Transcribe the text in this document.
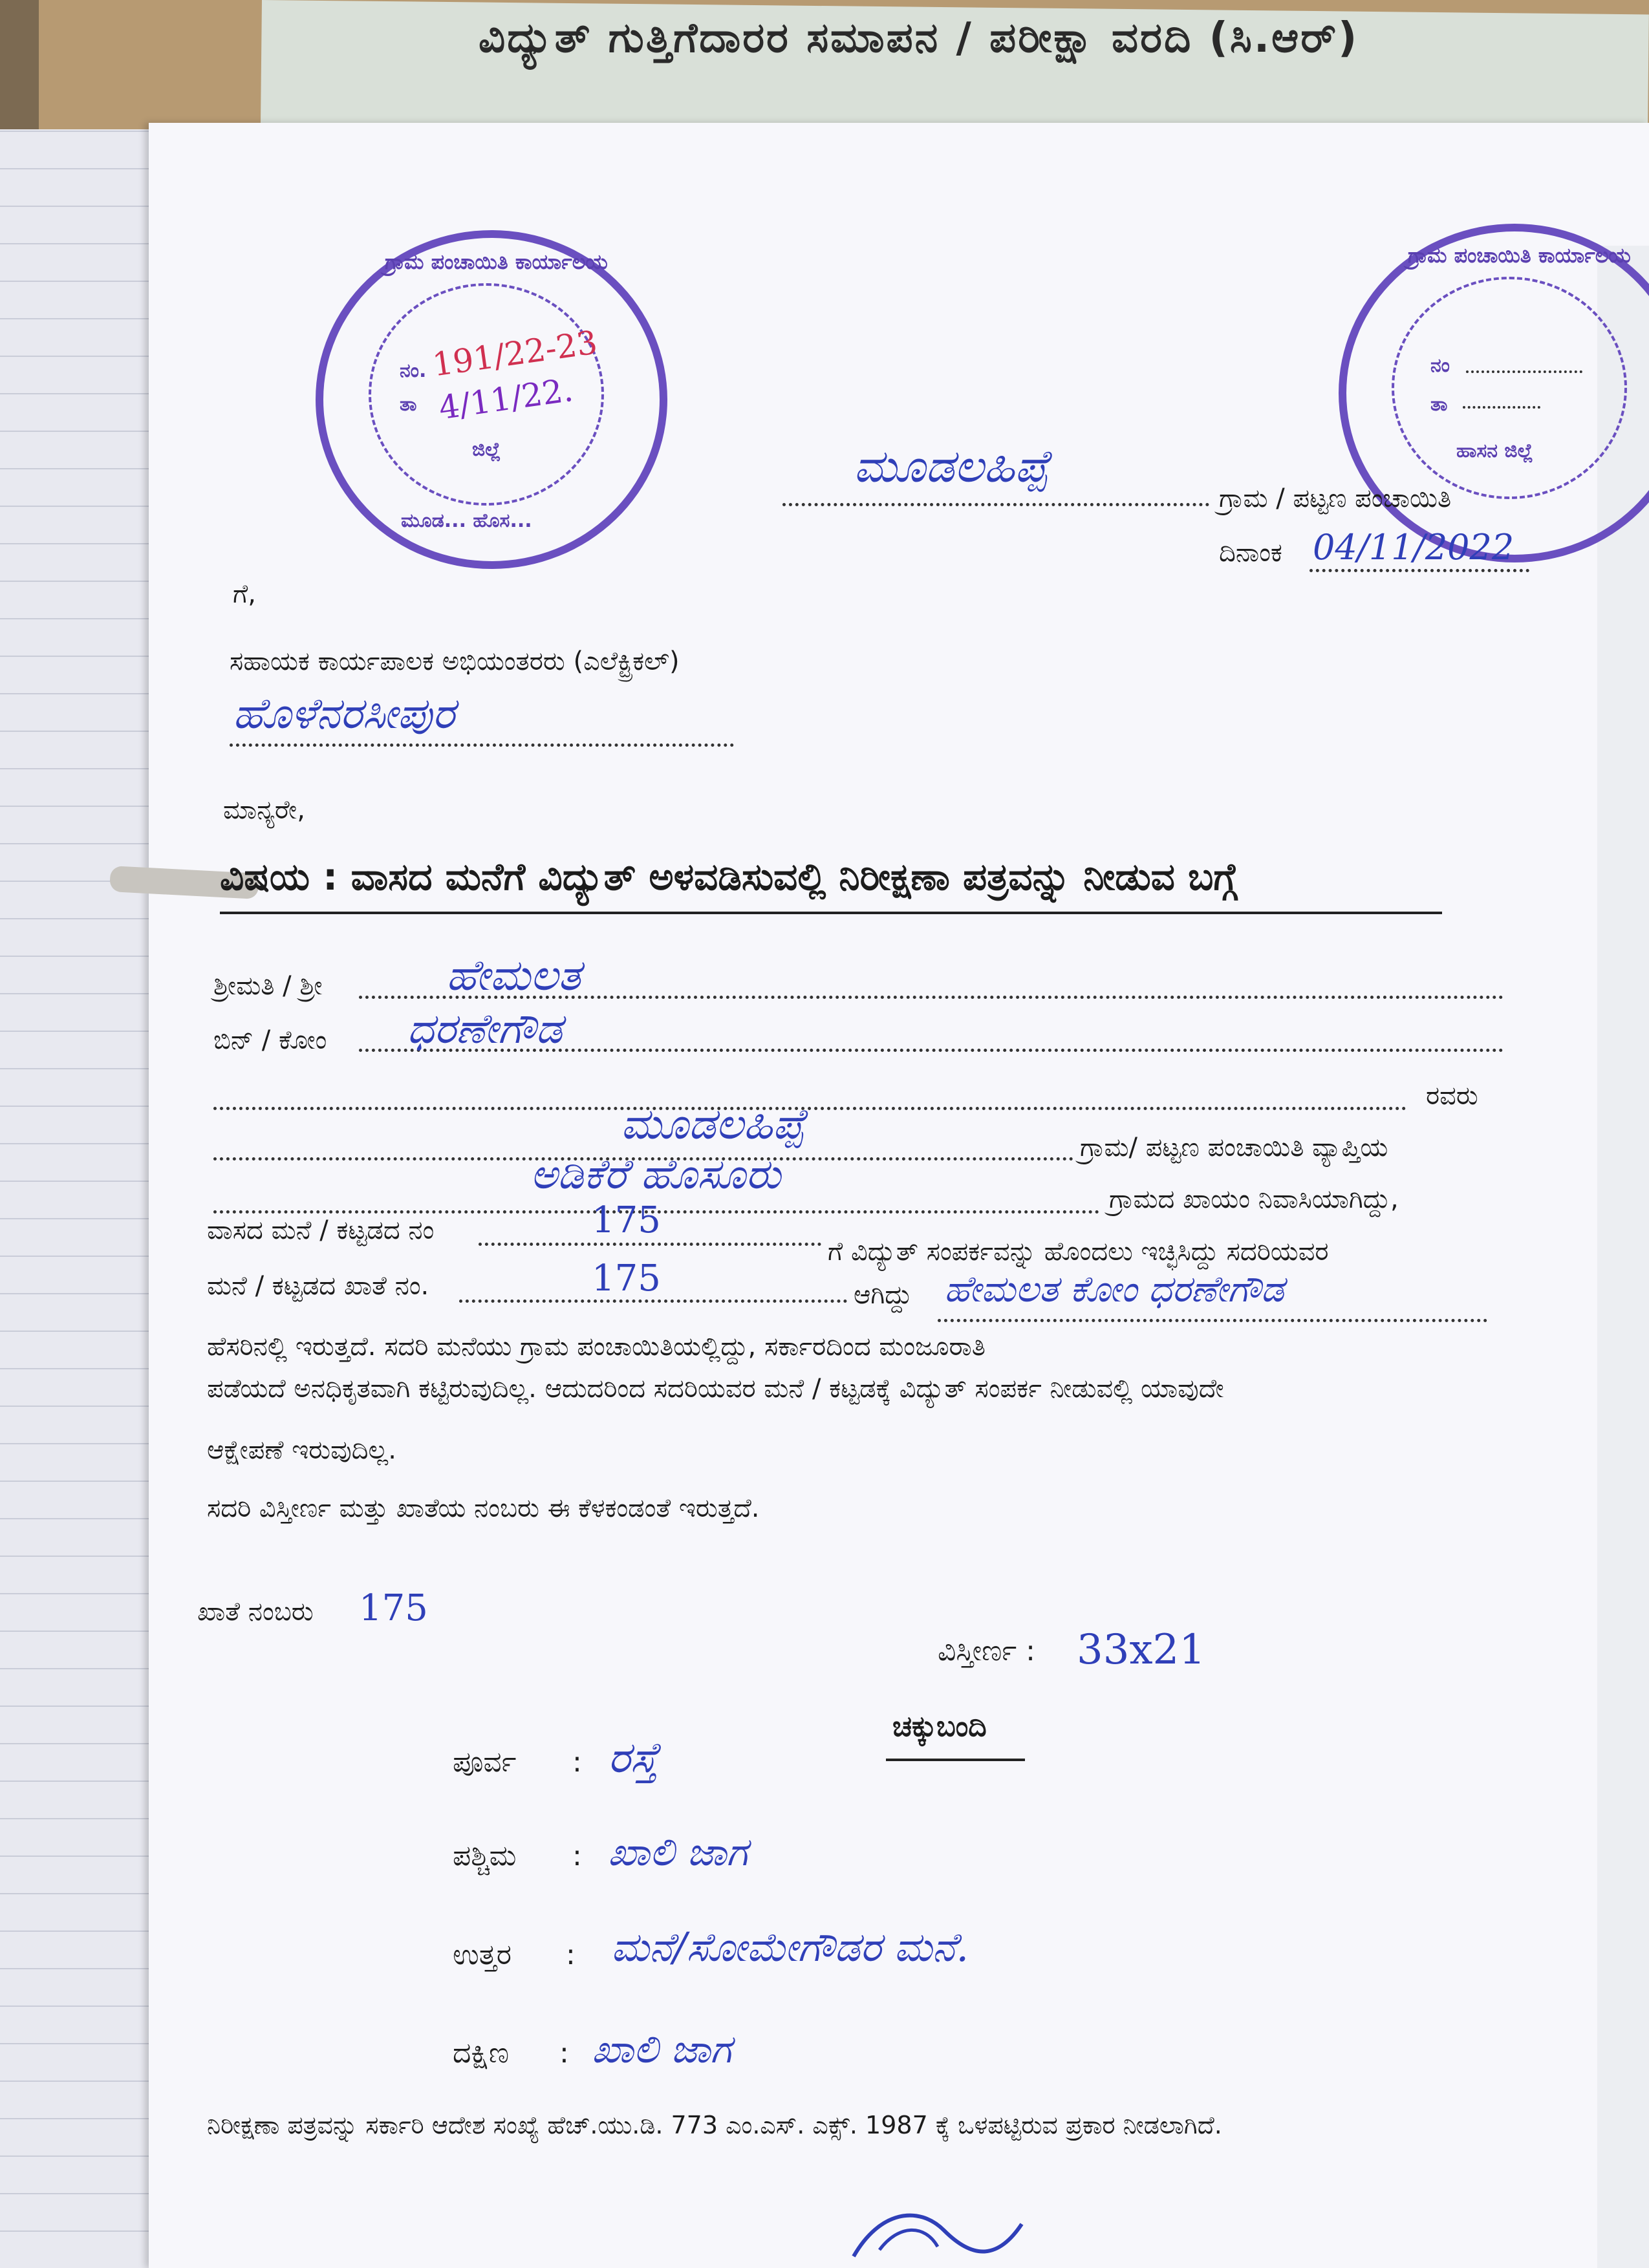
ವಿದ್ಯುತ್ ಗುತ್ತಿಗೆದಾರರ ಸಮಾಪನ / ಪರೀಕ್ಷಾ ವರದಿ (ಸಿ.ಆರ್)
ಗ್ರಾಮ ಪಂಚಾಯಿತಿ ಕಾರ್ಯಾಲಯ
ನಂ. 191/22-23
ತಾ 4/11/22.
ಜಿಲ್ಲೆ
ಮೂಡ... ಹೊಸ...
ಗ್ರಾಮ ಪಂಚಾಯಿತಿ ಕಾರ್ಯಾಲಯ
ನಂ
ತಾ
ಹಾಸನ ಜಿಲ್ಲೆ
ಮೂಡಲಹಿಪ್ಪೆ
ಗ್ರಾಮ / ಪಟ್ಟಣ ಪಂಚಾಯಿತಿ
ದಿನಾಂಕ 04/11/2022
ಗೆ,
ಸಹಾಯಕ ಕಾರ್ಯಪಾಲಕ ಅಭಿಯಂತರರು (ಎಲೆಕ್ಟ್ರಿಕಲ್)
ಹೊಳೆನರಸೀಪುರ
ಮಾನ್ಯರೇ,
ವಿಷಯ : ವಾಸದ ಮನೆಗೆ ವಿದ್ಯುತ್ ಅಳವಡಿಸುವಲ್ಲಿ ನಿರೀಕ್ಷಣಾ ಪತ್ರವನ್ನು ನೀಡುವ ಬಗ್ಗೆ
ಶ್ರೀಮತಿ / ಶ್ರೀ	ಹೇಮಲತ
ಬಿನ್ / ಕೋಂ ಧರಣೇಗೌಡ
ರವರು
ಮೂಡಲಹಿಪ್ಪೆ	ಗ್ರಾಮ/ ಪಟ್ಟಣ ಪಂಚಾಯಿತಿ ವ್ಯಾಪ್ತಿಯ
ಅಡಿಕೆರೆ ಹೊಸೂರು
ಗ್ರಾಮದ ಖಾಯಂ ನಿವಾಸಿಯಾಗಿದ್ದು,
ವಾಸದ ಮನೆ / ಕಟ್ಟಡದ ನಂ	175
ಗೆ ವಿದ್ಯುತ್ ಸಂಪರ್ಕವನ್ನು ಹೊಂದಲು ಇಚ್ಛಿಸಿದ್ದು ಸದರಿಯವರ
ಮನೆ / ಕಟ್ಟಡದ ಖಾತೆ ನಂ.	175	ಆಗಿದ್ದು ಹೇಮಲತ ಕೋಂ ಧರಣೇಗೌಡ
ಹೆಸರಿನಲ್ಲಿ ಇರುತ್ತದೆ. ಸದರಿ ಮನೆಯು ಗ್ರಾಮ ಪಂಚಾಯಿತಿಯಲ್ಲಿದ್ದು, ಸರ್ಕಾರದಿಂದ ಮಂಜೂರಾತಿ
ಪಡೆಯದೆ ಅನಧಿಕೃತವಾಗಿ ಕಟ್ಟಿರುವುದಿಲ್ಲ. ಆದುದರಿಂದ ಸದರಿಯವರ ಮನೆ / ಕಟ್ಟಡಕ್ಕೆ ವಿದ್ಯುತ್ ಸಂಪರ್ಕ ನೀಡುವಲ್ಲಿ ಯಾವುದೇ
ಆಕ್ಷೇಪಣೆ ಇರುವುದಿಲ್ಲ.
ಸದರಿ ವಿಸ್ತೀರ್ಣ ಮತ್ತು ಖಾತೆಯ ನಂಬರು ಈ ಕೆಳಕಂಡಂತೆ ಇರುತ್ತದೆ.
ಖಾತೆ ನಂಬರು 175
ವಿಸ್ತೀರ್ಣ : 33x21
ಚಕ್ಕುಬಂದಿ
ಪೂರ್ವ : ರಸ್ತೆ
ಪಶ್ಚಿಮ : ಖಾಲಿ ಜಾಗ
ಉತ್ತರ : ಮನೆ/ಸೋಮೇಗೌಡರ ಮನೆ.
ದಕ್ಷಿಣ : ಖಾಲಿ ಜಾಗ
ನಿರೀಕ್ಷಣಾ ಪತ್ರವನ್ನು ಸರ್ಕಾರಿ ಆದೇಶ ಸಂಖ್ಯೆ ಹೆಚ್.ಯು.ಡಿ. 773 ಎಂ.ಎಸ್. ಎಕ್ಸ್. 1987 ಕ್ಕೆ ಒಳಪಟ್ಟಿರುವ ಪ್ರಕಾರ ನೀಡಲಾಗಿದೆ.
